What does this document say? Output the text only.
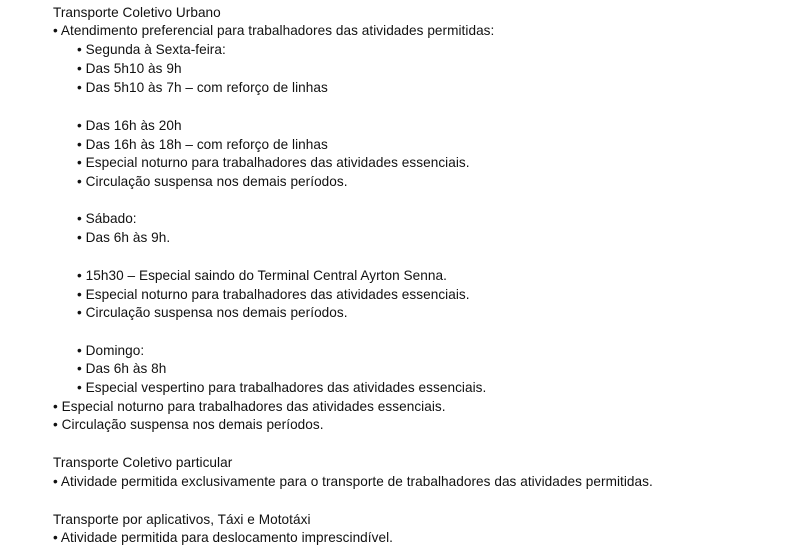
Transporte Coletivo Urbano
• Atendimento preferencial para trabalhadores das atividades permitidas:
• Segunda à Sexta-feira:
• Das 5h10 às 9h
• Das 5h10 às 7h – com reforço de linhas
• Das 16h às 20h
• Das 16h às 18h – com reforço de linhas
• Especial noturno para trabalhadores das atividades essenciais.
• Circulação suspensa nos demais períodos.
• Sábado:
• Das 6h às 9h.
• 15h30 – Especial saindo do Terminal Central Ayrton Senna.
• Especial noturno para trabalhadores das atividades essenciais.
• Circulação suspensa nos demais períodos.
• Domingo:
• Das 6h às 8h
• Especial vespertino para trabalhadores das atividades essenciais.
• Especial noturno para trabalhadores das atividades essenciais.
• Circulação suspensa nos demais períodos.
Transporte Coletivo particular
• Atividade permitida exclusivamente para o transporte de trabalhadores das atividades permitidas.
Transporte por aplicativos, Táxi e Mototáxi
• Atividade permitida para deslocamento imprescindível.
